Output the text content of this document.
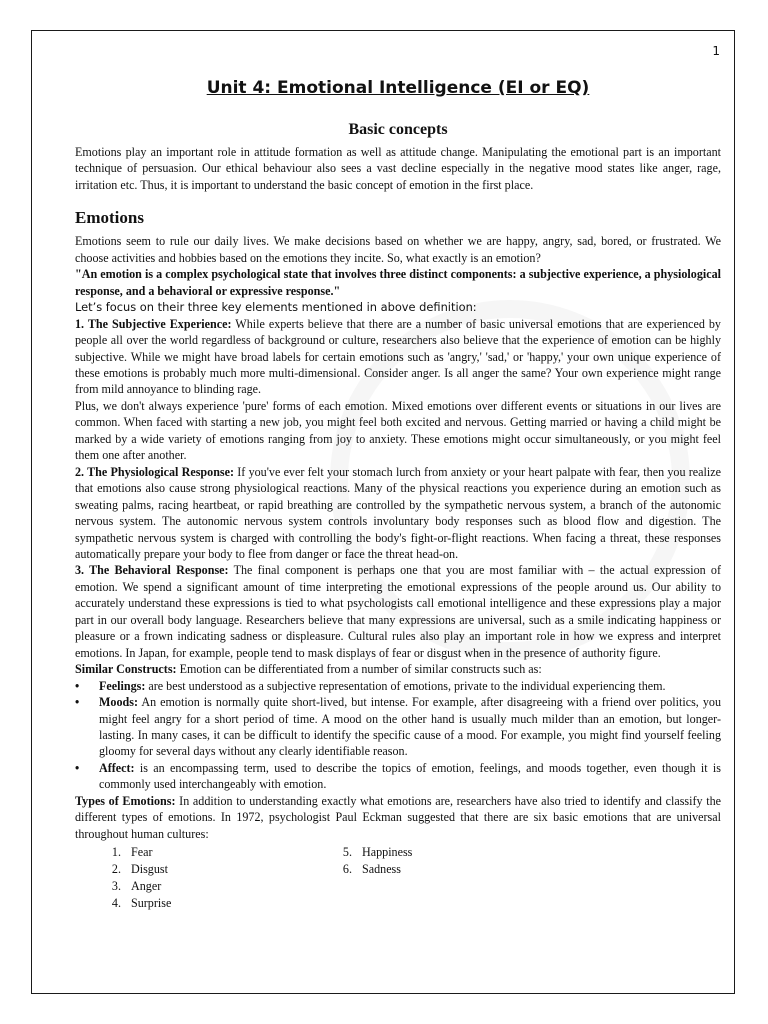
1
Unit 4: Emotional Intelligence (EI or EQ)
Basic concepts

Emotions play an important role in attitude formation as well as attitude change. Manipulating the emotional part is an important technique of persuasion. Our ethical behaviour also sees a vast decline especially in the negative mood states like anger, rage, irritation etc. Thus, it is important to understand the basic concept of emotion in the first place.

Emotions

Emotions seem to rule our daily lives. We make decisions based on whether we are happy, angry, sad, bored, or frustrated. We choose activities and hobbies based on the emotions they incite. So, what exactly is an emotion?

"An emotion is a complex psychological state that involves three distinct components: a subjective experience, a physiological response, and a behavioral or expressive response."

Let’s focus on their three key elements mentioned in above definition:

1. The Subjective Experience: While experts believe that there are a number of basic universal emotions that are experienced by people all over the world regardless of background or culture, researchers also believe that the experience of emotion can be highly subjective. While we might have broad labels for certain emotions such as 'angry,' 'sad,' or 'happy,' your own unique experience of these emotions is probably much more multi-dimensional. Consider anger. Is all anger the same? Your own experience might range from mild annoyance to blinding rage.

Plus, we don't always experience 'pure' forms of each emotion. Mixed emotions over different events or situations in our lives are common. When faced with starting a new job, you might feel both excited and nervous. Getting married or having a child might be marked by a wide variety of emotions ranging from joy to anxiety. These emotions might occur simultaneously, or you might feel them one after another.

2. The Physiological Response: If you've ever felt your stomach lurch from anxiety or your heart palpate with fear, then you realize that emotions also cause strong physiological reactions. Many of the physical reactions you experience during an emotion such as sweating palms, racing heartbeat, or rapid breathing are controlled by the sympathetic nervous system, a branch of the autonomic nervous system. The autonomic nervous system controls involuntary body responses such as blood flow and digestion. The sympathetic nervous system is charged with controlling the body's fight-or-flight reactions. When facing a threat, these responses automatically prepare your body to flee from danger or face the threat head-on.

3. The Behavioral Response: The final component is perhaps one that you are most familiar with – the actual expression of emotion. We spend a significant amount of time interpreting the emotional expressions of the people around us. Our ability to accurately understand these expressions is tied to what psychologists call emotional intelligence and these expressions play a major part in our overall body language. Researchers believe that many expressions are universal, such as a smile indicating happiness or pleasure or a frown indicating sadness or displeasure. Cultural rules also play an important role in how we express and interpret emotions. In Japan, for example, people tend to mask displays of fear or disgust when in the presence of authority figure.

Similar Constructs: Emotion can be differentiated from a number of similar constructs such as:

• Feelings: are best understood as a subjective representation of emotions, private to the individual experiencing them.
• Moods: An emotion is normally quite short-lived, but intense. For example, after disagreeing with a friend over politics, you might feel angry for a short period of time. A mood on the other hand is usually much milder than an emotion, but longer-lasting. In many cases, it can be difficult to identify the specific cause of a mood. For example, you might find yourself feeling gloomy for several days without any clearly identifiable reason.
• Affect: is an encompassing term, used to describe the topics of emotion, feelings, and moods together, even though it is commonly used interchangeably with emotion.

Types of Emotions: In addition to understanding exactly what emotions are, researchers have also tried to identify and classify the different types of emotions. In 1972, psychologist Paul Eckman suggested that there are six basic emotions that are universal throughout human cultures:

1. Fear
2. Disgust
3. Anger
4. Surprise
5. Happiness
6. Sadness
